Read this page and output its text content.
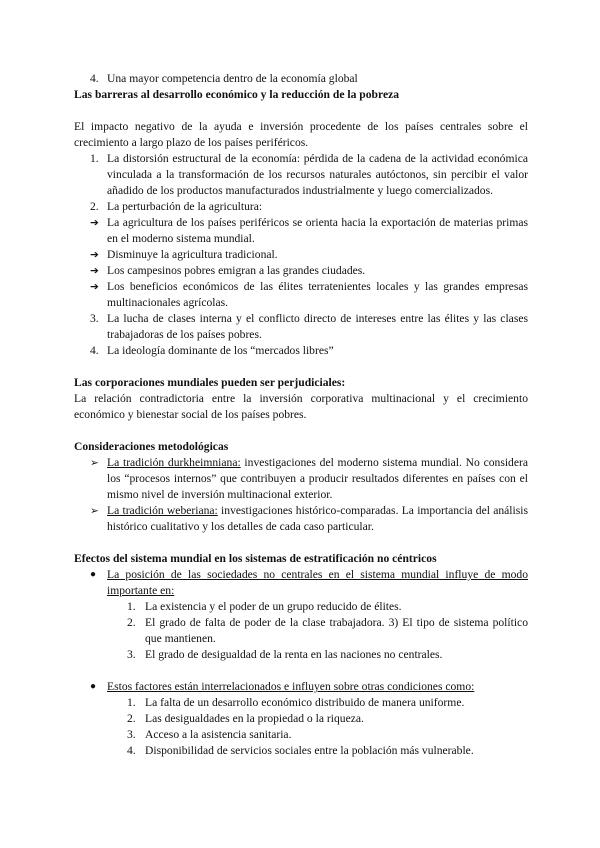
4. Una mayor competencia dentro de la economía global

Las barreras al desarrollo económico y la reducción de la pobreza

El impacto negativo de la ayuda e inversión procedente de los países centrales sobre el crecimiento a largo plazo de los países periféricos.

1. La distorsión estructural de la economía: pérdida de la cadena de la actividad económica vinculada a la transformación de los recursos naturales autóctonos, sin percibir el valor añadido de los productos manufacturados industrialmente y luego comercializados.
2. La perturbación de la agricultura:
➔ La agricultura de los países periféricos se orienta hacia la exportación de materias primas en el moderno sistema mundial.
➔ Disminuye la agricultura tradicional.
➔ Los campesinos pobres emigran a las grandes ciudades.
➔ Los beneficios económicos de las élites terratenientes locales y las grandes empresas multinacionales agrícolas.
3. La lucha de clases interna y el conflicto directo de intereses entre las élites y las clases trabajadoras de los países pobres.
4. La ideología dominante de los “mercados libres”

Las corporaciones mundiales pueden ser perjudiciales:

La relación contradictoria entre la inversión corporativa multinacional y el crecimiento económico y bienestar social de los países pobres.

Consideraciones metodológicas

➢ La tradición durkheimniana: investigaciones del moderno sistema mundial. No considera los “procesos internos” que contribuyen a producir resultados diferentes en países con el mismo nivel de inversión multinacional exterior.
➢ La tradición weberiana: investigaciones histórico-comparadas. La importancia del análisis histórico cualitativo y los detalles de cada caso particular.

Efectos del sistema mundial en los sistemas de estratificación no céntricos

● La posición de las sociedades no centrales en el sistema mundial influye de modo importante en:
1. La existencia y el poder de un grupo reducido de élites.
2. El grado de falta de poder de la clase trabajadora. 3) El tipo de sistema político que mantienen.
3. El grado de desigualdad de la renta en las naciones no centrales.
● Estos factores están interrelacionados e influyen sobre otras condiciones como:
1. La falta de un desarrollo económico distribuido de manera uniforme.
2. Las desigualdades en la propiedad o la riqueza.
3. Acceso a la asistencia sanitaria.
4. Disponibilidad de servicios sociales entre la población más vulnerable.
